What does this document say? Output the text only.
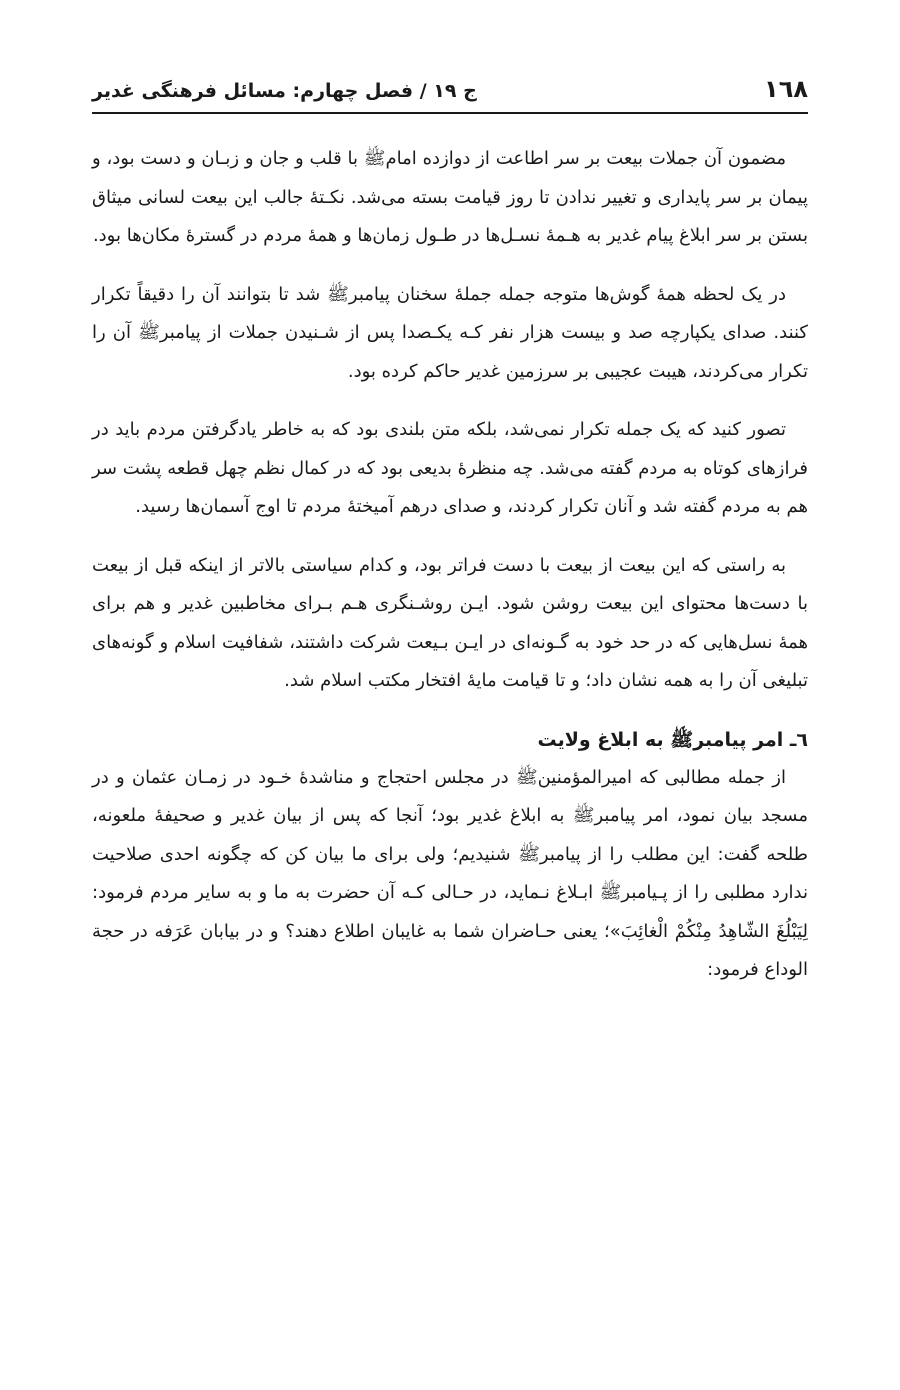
١٦٨
ج ١٩ / فصل چهارم: مسائل فرهنگی غدیر

مضمون آن جملات بیعت بر سر اطاعت از دوازده امامﷺ با قلب و جان و زبـان و دست بود، و پیمان بر سر پایداری و تغییر ندادن تا روز قیامت بسته می‌شد. نکـتهٔ جالب این بیعت لسانی میثاق بستن بر سر ابلاغ پیام غدیر به هـمهٔ نسـل‌ها در طـول زمان‌ها و همهٔ مردم در گسترهٔ مکان‌ها بود.

در یک لحظه همهٔ گوش‌ها متوجه جمله جملهٔ سخنان پیامبرﷺ شد تا بتوانند آن را دقیقاً تکرار کنند. صدای یکپارچه صد و بیست هزار نفر کـه یکـصدا پس از شـنیدن جملات از پیامبرﷺ آن را تکرار می‌کردند، هیبت عجیبی بر سرزمین غدیر حاکم کرده بود.

تصور کنید که یک جمله تکرار نمی‌شد، بلکه متن بلندی بود که به خاطر یادگرفتن مردم باید در فرازهای کوتاه به مردم گفته می‌شد. چه منظرهٔ بدیعی بود که در کمال نظم چهل قطعه پشت سر هم به مردم گفته شد و آنان تکرار کردند، و صدای درهم آمیختهٔ مردم تا اوج آسمان‌ها رسید.

به راستی که این بیعت از بیعت با دست فراتر بود، و کدام سیاستی بالاتر از اینکه قبل از بیعت با دست‌ها محتوای این بیعت روشن شود. ایـن روشـنگری هـم بـرای مخاطبین غدیر و هم برای همهٔ نسل‌هایی که در حد خود به گـونه‌ای در ایـن بـیعت شرکت داشتند، شفافیت اسلام و گونه‌های تبلیغی آن را به همه نشان داد؛ و تا قیامت مایهٔ افتخار مکتب اسلام شد.

٦ـ امر پیامبرﷺ به ابلاغ ولایت

از جمله مطالبی که امیرالمؤمنینﷺ در مجلس احتجاج و مناشدهٔ خـود در زمـان عثمان و در مسجد بیان نمود، امر پیامبرﷺ به ابلاغ غدیر بود؛ آنجا که پس از بیان غدیر و صحیفهٔ ملعونه، طلحه گفت: این مطلب را از پیامبرﷺ شنیدیم؛ ولی برای ما بیان کن که چگونه احدی صلاحیت ندارد مطلبی را از پـیامبرﷺ ابـلاغ نـماید، در حـالی کـه آن حضرت به ما و به سایر مردم فرمود: لِيَبْلُغَ الشّاهِدُ مِنْكُمْ الْغائِبَ»؛ یعنی حـاضران شما به غایبان اطلاع دهند؟ و در بیابان عَرَفه در حجة الوداع فرمود:
